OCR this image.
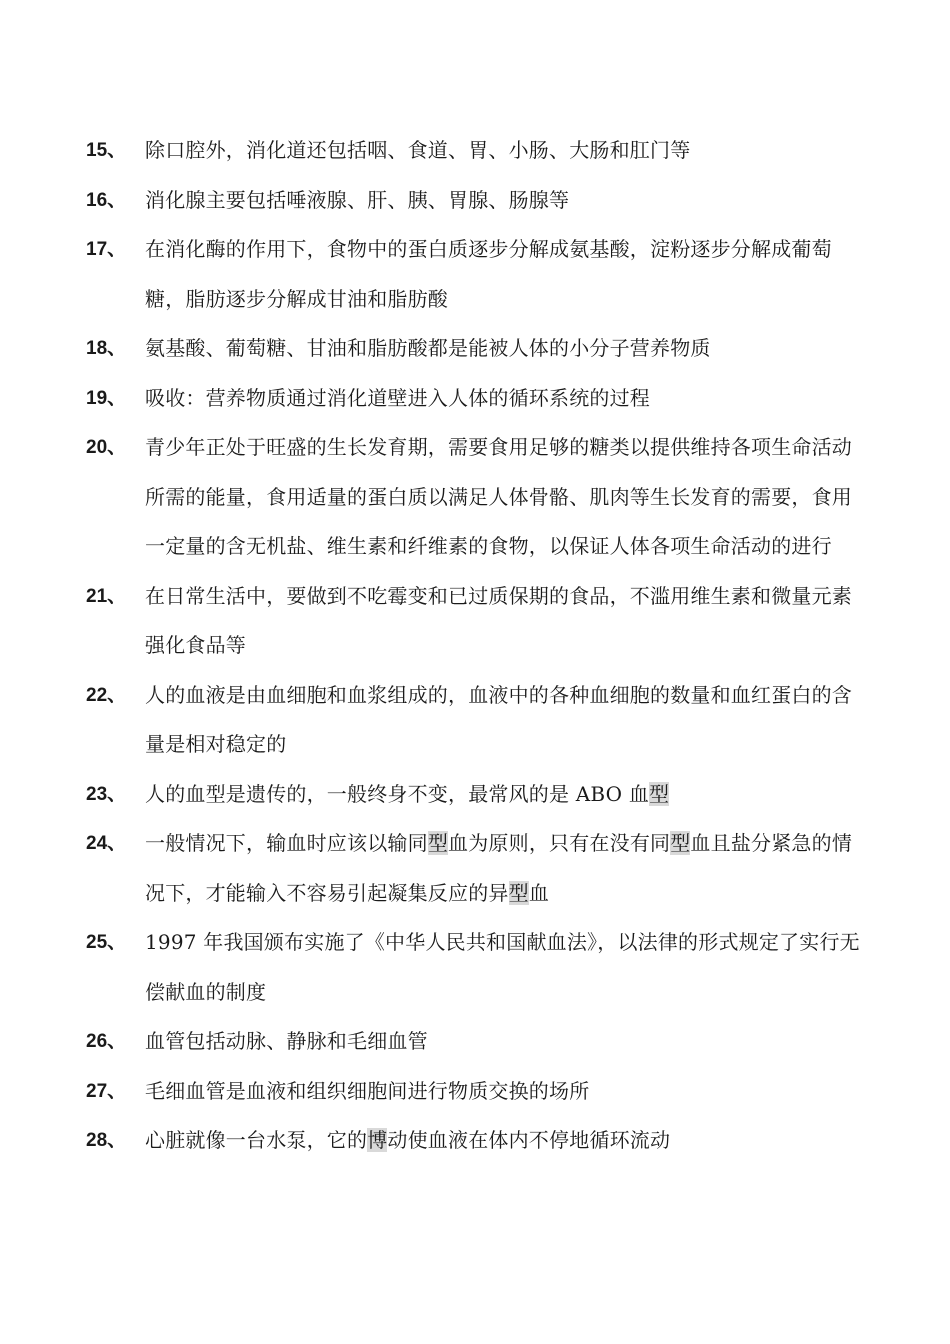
15、 除口腔外，消化道还包括咽、食道、胃、小肠、大肠和肛门等
16、 消化腺主要包括唾液腺、肝、胰、胃腺、肠腺等
17、 在消化酶的作用下，食物中的蛋白质逐步分解成氨基酸，淀粉逐步分解成葡萄糖，脂肪逐步分解成甘油和脂肪酸
18、 氨基酸、葡萄糖、甘油和脂肪酸都是能被人体的小分子营养物质
19、 吸收：营养物质通过消化道壁进入人体的循环系统的过程
20、 青少年正处于旺盛的生长发育期，需要食用足够的糖类以提供维持各项生命活动所需的能量，食用适量的蛋白质以满足人体骨骼、肌肉等生长发育的需要，食用一定量的含无机盐、维生素和纤维素的食物，以保证人体各项生命活动的进行
21、 在日常生活中，要做到不吃霉变和已过质保期的食品，不滥用维生素和微量元素强化食品等
22、 人的血液是由血细胞和血浆组成的，血液中的各种血细胞的数量和血红蛋白的含量是相对稳定的
23、 人的血型是遗传的，一般终身不变，最常风的是 ABO 血型
24、 一般情况下，输血时应该以输同型血为原则，只有在没有同型血且盐分紧急的情况下，才能输入不容易引起凝集反应的异型血
25、 1997 年我国颁布实施了《中华人民共和国献血法》，以法律的形式规定了实行无偿献血的制度
26、 血管包括动脉、静脉和毛细血管
27、 毛细血管是血液和组织细胞间进行物质交换的场所
28、 心脏就像一台水泵，它的博动使血液在体内不停地循环流动
